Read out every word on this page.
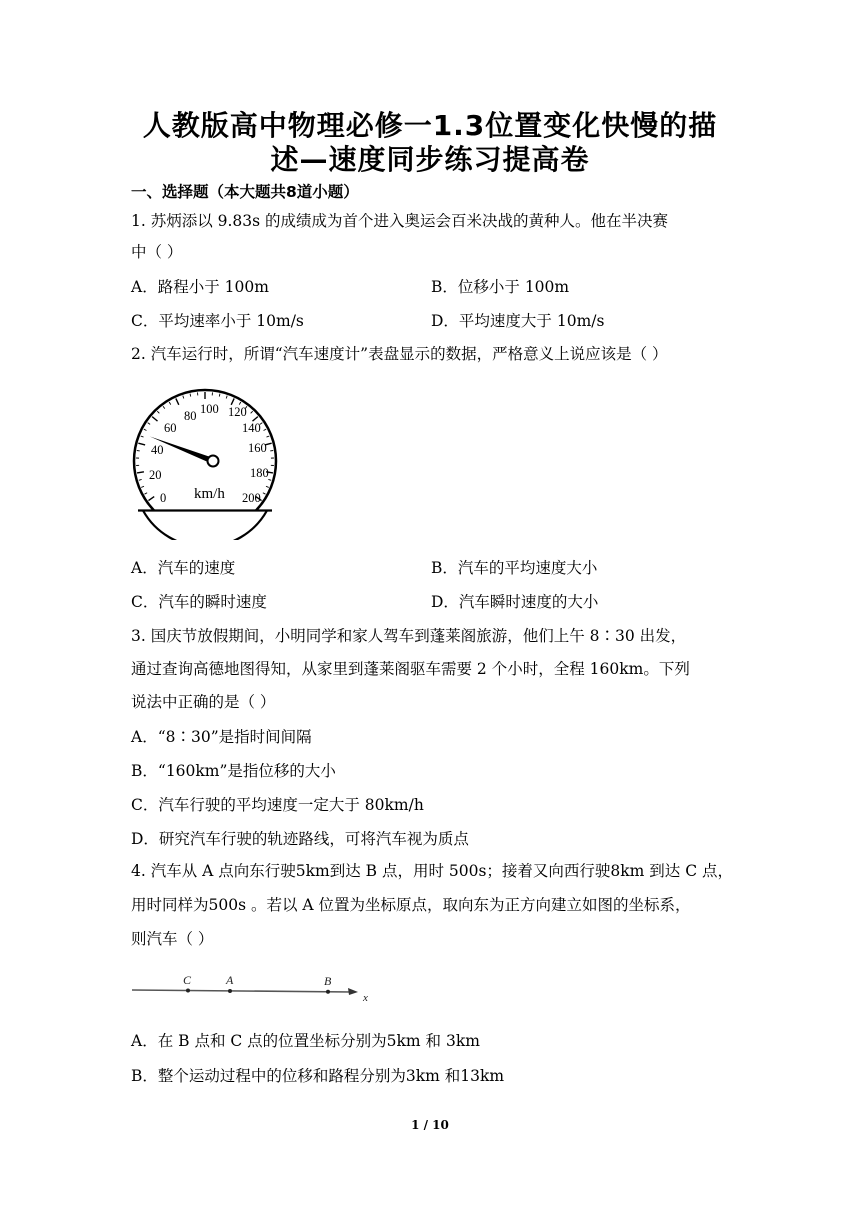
人教版高中物理必修一1.3位置变化快慢的描
述—速度同步练习提高卷
一、选择题（本大题共8道小题）
1. 苏炳添以 9.83s 的成绩成为首个进入奥运会百米决战的黄种人。他在半决赛
中（ ）
A．路程小于 100m	B．位移小于 100m
C．平均速率小于 10m/s	D．平均速度大于 10m/s
2. 汽车运行时，所谓“汽车速度计”表盘显示的数据，严格意义上说应该是（ ）
0
20
40
60
80 100 120
140
160
180
200
km/h
A．汽车的速度	B．汽车的平均速度大小
C．汽车的瞬时速度	D．汽车瞬时速度的大小
3. 国庆节放假期间，小明同学和家人驾车到蓬莱阁旅游，他们上午 8∶30 出发，
通过查询高德地图得知，从家里到蓬莱阁驱车需要 2 个小时，全程 160km。下列
说法中正确的是（ ）
A．“8∶30”是指时间间隔
B．“160km”是指位移的大小
C．汽车行驶的平均速度一定大于 80km/h
D．研究汽车行驶的轨迹路线，可将汽车视为质点
4. 汽车从 A 点向东行驶5km到达 B 点，用时 500s；接着又向西行驶8km 到达 C 点，
用时同样为500s 。若以 A 位置为坐标原点，取向东为正方向建立如图的坐标系，
则汽车（ ）
C	A	B
x
A．在 B 点和 C 点的位置坐标分别为5km 和 3km
B．整个运动过程中的位移和路程分别为3km 和13km
1 / 10
